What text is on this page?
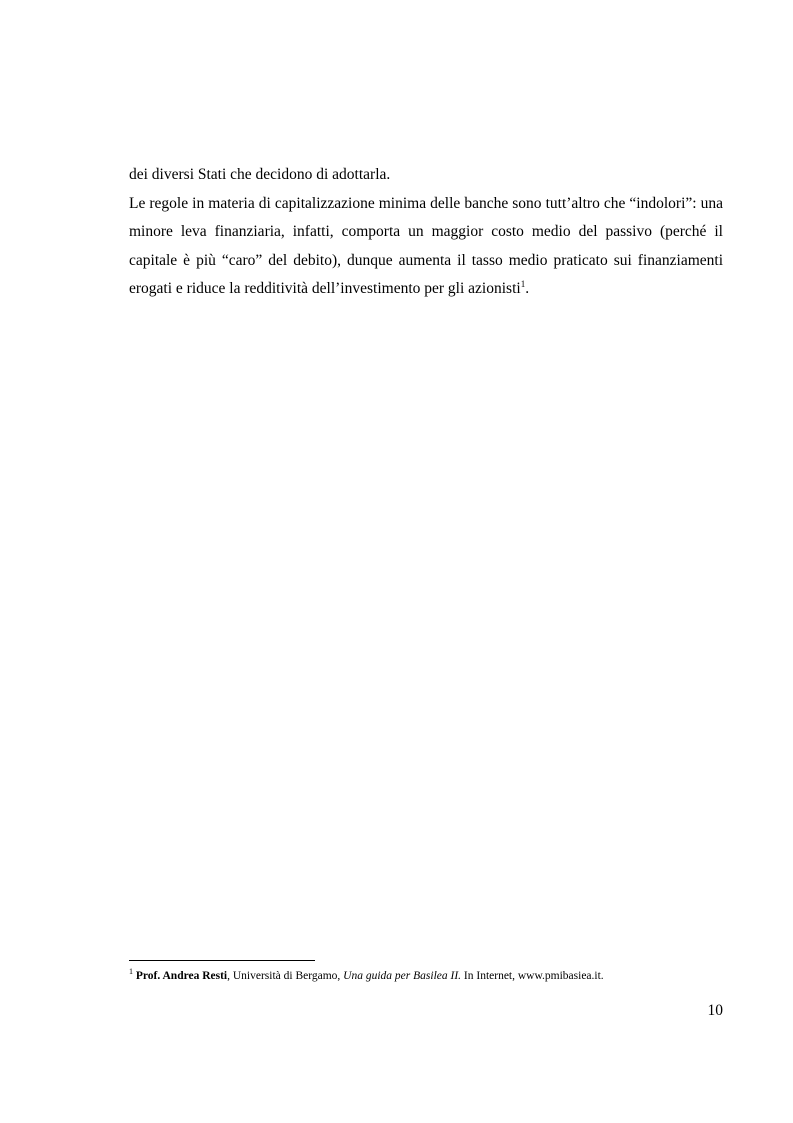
dei diversi Stati che decidono di adottarla.

Le regole in materia di capitalizzazione minima delle banche sono tutt’altro che “indolori”: una minore leva finanziaria, infatti, comporta un maggior costo medio del passivo (perché il capitale è più “caro” del debito), dunque aumenta il tasso medio praticato sui finanziamenti erogati e riduce la redditività dell’investimento per gli azionisti$^1$.

$^1$ Prof. Andrea Resti, Università di Bergamo, Una guida per Basilea II. In Internet, www.pmibasiea.it.
10
